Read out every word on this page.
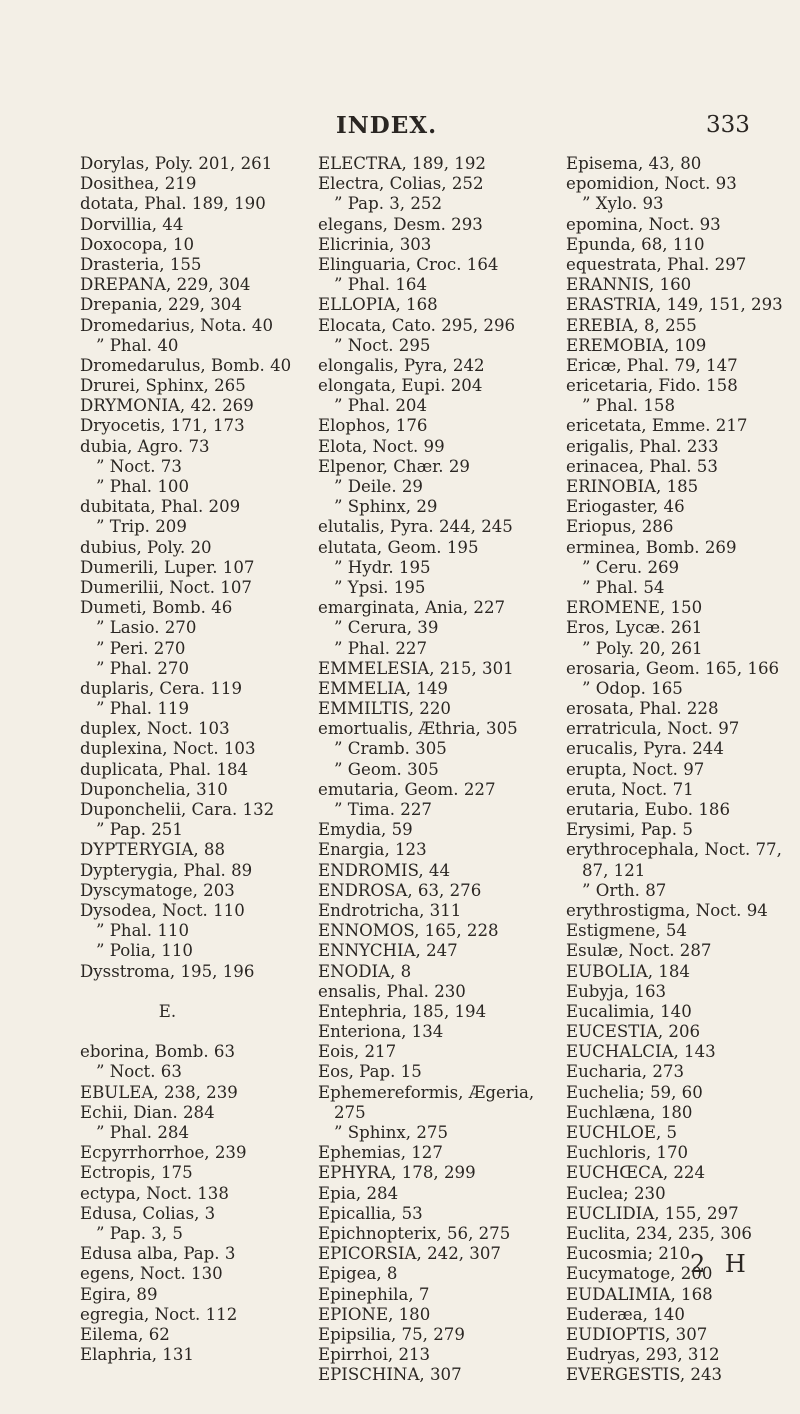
INDEX.	333
Dorylas, Poly. 201, 261
Dosithea, 219
dotata, Phal. 189, 190
Dorvillia, 44
Doxocopa, 10
Drasteria, 155
DREPANA, 229, 304
Drepania, 229, 304
Dromedarius, Nota. 40
” Phal. 40
Dromedarulus, Bomb. 40
Drurei, Sphinx, 265
DRYMONIA, 42. 269
Dryocetis, 171, 173
dubia, Agro. 73
” Noct. 73
” Phal. 100
dubitata, Phal. 209
” Trip. 209
dubius, Poly. 20
Dumerili, Luper. 107
Dumerilii, Noct. 107
Dumeti, Bomb. 46
” Lasio. 270
” Peri. 270
” Phal. 270
duplaris, Cera. 119
” Phal. 119
duplex, Noct. 103
duplexina, Noct. 103
duplicata, Phal. 184
Duponchelia, 310
Duponchelii, Cara. 132
” Pap. 251
DYPTERYGIA, 88
Dypterygia, Phal. 89
Dyscymatoge, 203
Dysodea, Noct. 110
” Phal. 110
” Polia, 110
Dysstroma, 195, 196
E.
eborina, Bomb. 63
” Noct. 63
EBULEA, 238, 239
Echii, Dian. 284
” Phal. 284
Ecpyrrhorrhoe, 239
Ectropis, 175
ectypa, Noct. 138
Edusa, Colias, 3
” Pap. 3, 5
Edusa alba, Pap. 3
egens, Noct. 130
Egira, 89
egregia, Noct. 112
Eilema, 62
Elaphria, 131
ELECTRA, 189, 192
Electra, Colias, 252
” Pap. 3, 252
elegans, Desm. 293
Elicrinia, 303
Elinguaria, Croc. 164
” Phal. 164
ELLOPIA, 168
Elocata, Cato. 295, 296
” Noct. 295
elongalis, Pyra, 242
elongata, Eupi. 204
” Phal. 204
Elophos, 176
Elota, Noct. 99
Elpenor, Chær. 29
” Deile. 29
” Sphinx, 29
elutalis, Pyra. 244, 245
elutata, Geom. 195
” Hydr. 195
” Ypsi. 195
emarginata, Ania, 227
” Cerura, 39
” Phal. 227
EMMELESIA, 215, 301
EMMELIA, 149
EMMILTIS, 220
emortualis, Æthria, 305
” Cramb. 305
” Geom. 305
emutaria, Geom. 227
” Tima. 227
Emydia, 59
Enargia, 123
ENDROMIS, 44
ENDROSA, 63, 276
Endrotricha, 311
ENNOMOS, 165, 228
ENNYCHIA, 247
ENODIA, 8
ensalis, Phal. 230
Entephria, 185, 194
Enteriona, 134
Eois, 217
Eos, Pap. 15
Ephemereformis, Ægeria,
275
” Sphinx, 275
Ephemias, 127
EPHYRA, 178, 299
Epia, 284
Epicallia, 53
Epichnopterix, 56, 275
EPICORSIA, 242, 307
Epigea, 8
Epinephila, 7
EPIONE, 180
Epipsilia, 75, 279
Epirrhoi, 213
EPISCHINA, 307
Episema, 43, 80
epomidion, Noct. 93
” Xylo. 93
epomina, Noct. 93
Epunda, 68, 110
equestrata, Phal. 297
ERANNIS, 160
ERASTRIA, 149, 151, 293
EREBIA, 8, 255
EREMOBIA, 109
Ericæ, Phal. 79, 147
ericetaria, Fido. 158
” Phal. 158
ericetata, Emme. 217
erigalis, Phal. 233
erinacea, Phal. 53
ERINOBIA, 185
Eriogaster, 46
Eriopus, 286
erminea, Bomb. 269
” Ceru. 269
” Phal. 54
EROMENE, 150
Eros, Lycæ. 261
” Poly. 20, 261
erosaria, Geom. 165, 166
” Odop. 165
erosata, Phal. 228
erratricula, Noct. 97
erucalis, Pyra. 244
erupta, Noct. 97
eruta, Noct. 71
erutaria, Eubo. 186
Erysimi, Pap. 5
erythrocephala, Noct. 77,
87, 121
” Orth. 87
erythrostigma, Noct. 94
Estigmene, 54
Esulæ, Noct. 287
EUBOLIA, 184
Eubyja, 163
Eucalimia, 140
EUCESTIA, 206
EUCHALCIA, 143
Eucharia, 273
Euchelia; 59, 60
Euchlæna, 180
EUCHLOE, 5
Euchloris, 170
EUCHŒCA, 224
Euclea; 230
EUCLIDIA, 155, 297
Euclita, 234, 235, 306
Eucosmia; 210
Eucymatoge, 200
EUDALIMIA, 168
Euderæa, 140
EUDIOPTIS, 307
Eudryas, 293, 312
EVERGESTIS, 243
2 H
